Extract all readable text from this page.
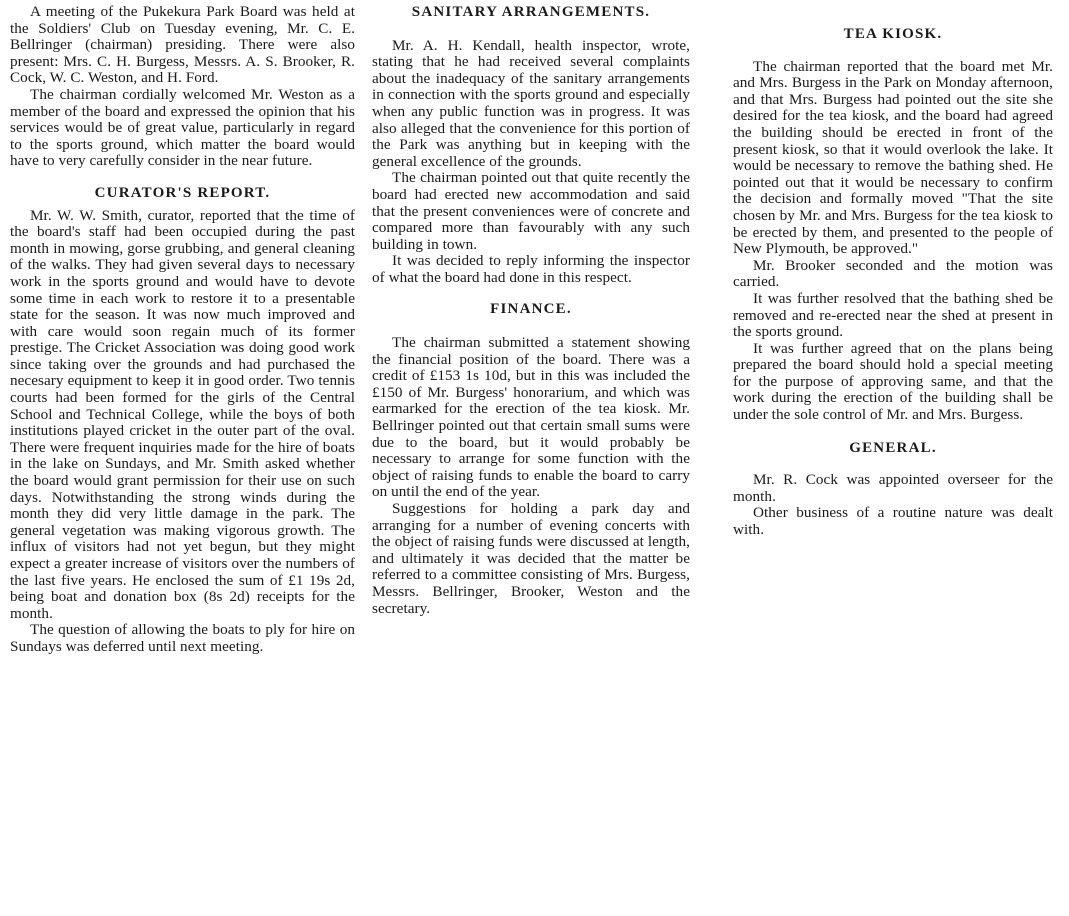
A meeting of the Pukekura Park Board was held at the Soldiers' Club on Tuesday evening, Mr. C. E. Bellringer (chairman) presiding. There were also present: Mrs. C. H. Burgess, Messrs. A. S. Brooker, R. Cock, W. C. Weston, and H. Ford.

The chairman cordially welcomed Mr. Weston as a member of the board and expressed the opinion that his services would be of great value, particularly in regard to the sports ground, which matter the board would have to very carefully consider in the near future.

CURATOR'S REPORT.

Mr. W. W. Smith, curator, reported that the time of the board's staff had been occupied during the past month in mowing, gorse grubbing, and general cleaning of the walks. They had given several days to necessary work in the sports ground and would have to devote some time in each work to restore it to a presentable state for the season. It was now much improved and with care would soon regain much of its former prestige. The Cricket Association was doing good work since taking over the grounds and had purchased the necesary equipment to keep it in good order. Two tennis courts had been formed for the girls of the Central School and Technical College, while the boys of both institutions played cricket in the outer part of the oval. There were frequent inquiries made for the hire of boats in the lake on Sundays, and Mr. Smith asked whether the board would grant permission for their use on such days. Notwithstanding the strong winds during the month they did very little damage in the park. The general vegetation was making vigorous growth. The influx of visitors had not yet begun, but they might expect a greater increase of visitors over the numbers of the last five years. He enclosed the sum of £1 19s 2d, being boat and donation box (8s 2d) receipts for the month.

The question of allowing the boats to ply for hire on Sundays was deferred until next meeting.

SANITARY ARRANGEMENTS.

Mr. A. H. Kendall, health inspector, wrote, stating that he had received several complaints about the inadequacy of the sanitary arrangements in connection with the sports ground and especially when any public function was in progress. It was also alleged that the convenience for this portion of the Park was anything but in keeping with the general excellence of the grounds.

The chairman pointed out that quite recently the board had erected new accommodation and said that the present conveniences were of concrete and compared more than favourably with any such building in town.

It was decided to reply informing the inspector of what the board had done in this respect.

FINANCE.

The chairman submitted a statement showing the financial position of the board. There was a credit of £153 1s 10d, but in this was included the £150 of Mr. Burgess' honorarium, and which was earmarked for the erection of the tea kiosk. Mr. Bellringer pointed out that certain small sums were due to the board, but it would probably be necessary to arrange for some function with the object of raising funds to enable the board to carry on until the end of the year.

Suggestions for holding a park day and arranging for a number of evening concerts with the object of raising funds were discussed at length, and ultimately it was decided that the matter be referred to a committee consisting of Mrs. Burgess, Messrs. Bellringer, Brooker, Weston and the secretary.

TEA KIOSK.

The chairman reported that the board met Mr. and Mrs. Burgess in the Park on Monday afternoon, and that Mrs. Burgess had pointed out the site she desired for the tea kiosk, and the board had agreed the building should be erected in front of the present kiosk, so that it would overlook the lake. It would be necessary to remove the bathing shed. He pointed out that it would be necessary to confirm the decision and formally moved "That the site chosen by Mr. and Mrs. Burgess for the tea kiosk to be erected by them, and presented to the people of New Plymouth, be approved."

Mr. Brooker seconded and the motion was carried.

It was further resolved that the bathing shed be removed and re-erected near the shed at present in the sports ground.

It was further agreed that on the plans being prepared the board should hold a special meeting for the purpose of approving same, and that the work during the erection of the building shall be under the sole control of Mr. and Mrs. Burgess.

GENERAL.

Mr. R. Cock was appointed overseer for the month.

Other business of a routine nature was dealt with.
